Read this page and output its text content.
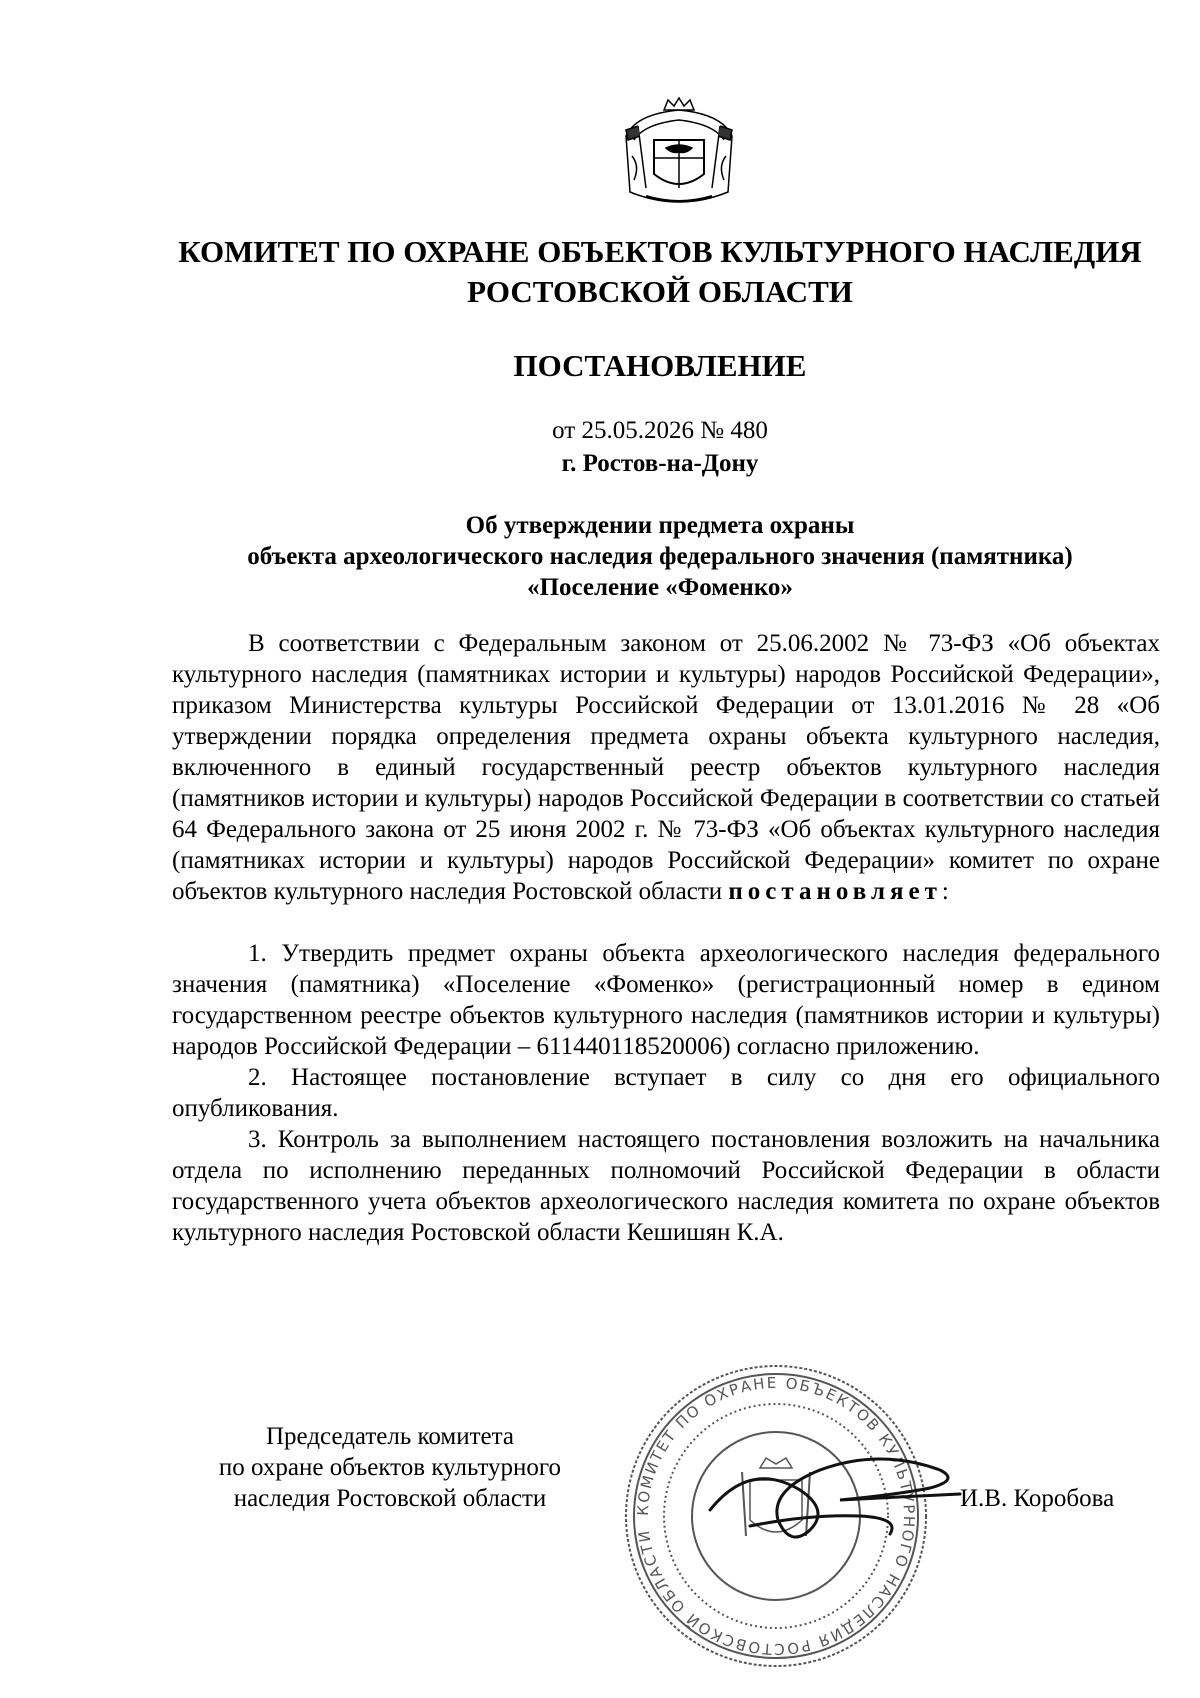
КОМИТЕТ ПО ОХРАНЕ ОБЪЕКТОВ КУЛЬТУРНОГО НАСЛЕДИЯ РОСТОВСКОЙ ОБЛАСТИ
ПОСТАНОВЛЕНИЕ
от 25.05.2026 № 480
г. Ростов-на-Дону
Об утверждении предмета охраны
объекта археологического наследия федерального значения (памятника)
«Поселение «Фоменко»

В соответствии с Федеральным законом от 25.06.2002 № 73-ФЗ «Об объектах культурного наследия (памятниках истории и культуры) народов Российской Федерации», приказом Министерства культуры Российской Федерации от 13.01.2016 № 28 «Об утверждении порядка определения предмета охраны объекта культурного наследия, включенного в единый государственный реестр объектов культурного наследия (памятников истории и культуры) народов Российской Федерации в соответствии со статьей 64 Федерального закона от 25 июня 2002 г. № 73-ФЗ «Об объектах культурного наследия (памятниках истории и культуры) народов Российской Федерации» комитет по охране объектов культурного наследия Ростовской области постановляет:

1. Утвердить предмет охраны объекта археологического наследия федерального значения (памятника) «Поселение «Фоменко» (регистрационный номер в едином государственном реестре объектов культурного наследия (памятников истории и культуры) народов Российской Федерации – 611440118520006) согласно приложению.

2. Настоящее постановление вступает в силу со дня его официального опубликования.

3. Контроль за выполнением настоящего постановления возложить на начальника отдела по исполнению переданных полномочий Российской Федерации в области государственного учета объектов археологического наследия комитета по охране объектов культурного наследия Ростовской области Кешишян К.А.

Председатель комитета
по охране объектов культурного
наследия Ростовской области	КОМИТЕТ ПО ОХРАНЕ ОБЪЕКТОВ КУЛЬТУРНОГО НАСЛЕДИЯ РОСТОВСКОЙ ОБЛАСТИ
И.В. Коробова
